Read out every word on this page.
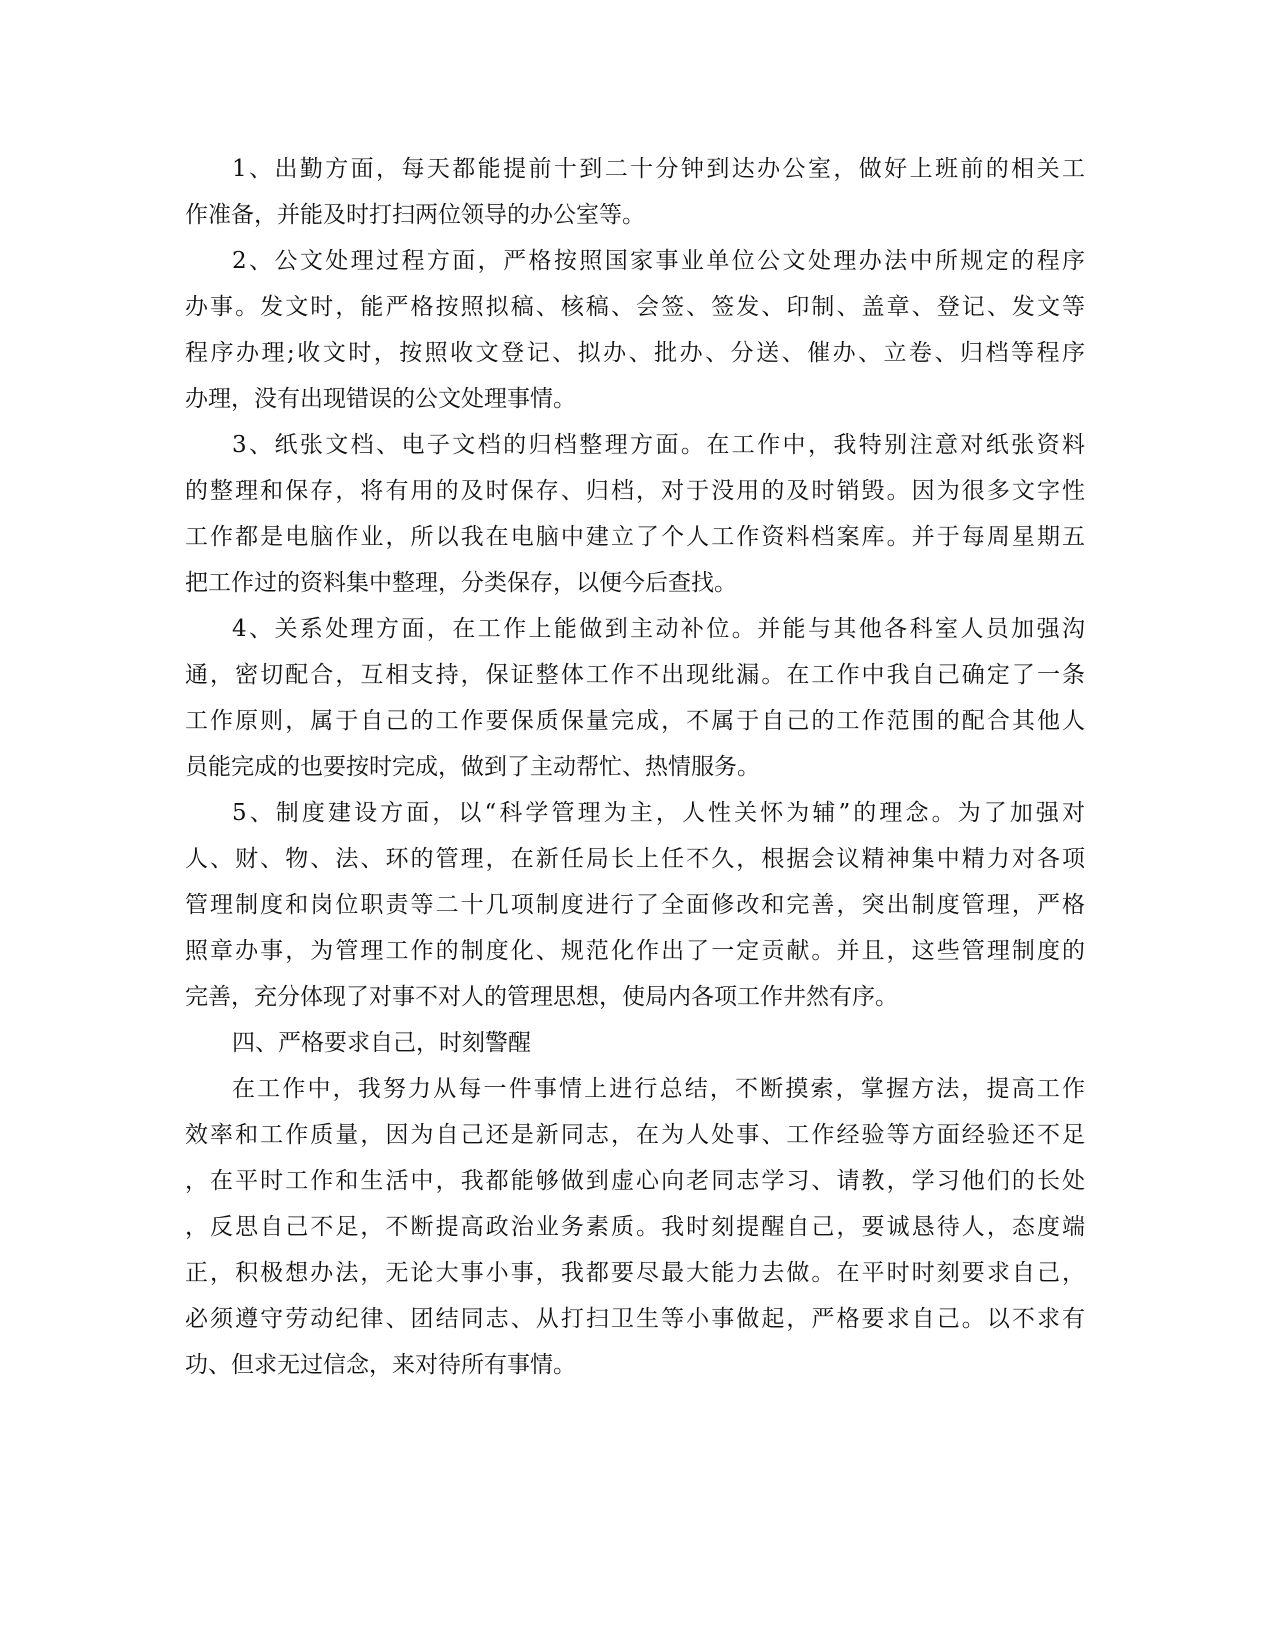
1、出勤方面，每天都能提前十到二十分钟到达办公室，做好上班前的相关工
作准备，并能及时打扫两位领导的办公室等。
2、公文处理过程方面，严格按照国家事业单位公文处理办法中所规定的程序
办事。发文时，能严格按照拟稿、核稿、会签、签发、印制、盖章、登记、发文等
程序办理;收文时，按照收文登记、拟办、批办、分送、催办、立卷、归档等程序
办理，没有出现错误的公文处理事情。
3、纸张文档、电子文档的归档整理方面。在工作中，我特别注意对纸张资料
的整理和保存，将有用的及时保存、归档，对于没用的及时销毁。因为很多文字性
工作都是电脑作业，所以我在电脑中建立了个人工作资料档案库。并于每周星期五
把工作过的资料集中整理，分类保存，以便今后查找。
4、关系处理方面，在工作上能做到主动补位。并能与其他各科室人员加强沟
通，密切配合，互相支持，保证整体工作不出现纰漏。在工作中我自己确定了一条
工作原则，属于自己的工作要保质保量完成，不属于自己的工作范围的配合其他人
员能完成的也要按时完成，做到了主动帮忙、热情服务。
5、制度建设方面，以“科学管理为主，人性关怀为辅”的理念。为了加强对
人、财、物、法、环的管理，在新任局长上任不久，根据会议精神集中精力对各项
管理制度和岗位职责等二十几项制度进行了全面修改和完善，突出制度管理，严格
照章办事，为管理工作的制度化、规范化作出了一定贡献。并且，这些管理制度的
完善，充分体现了对事不对人的管理思想，使局内各项工作井然有序。
四、严格要求自己，时刻警醒
在工作中，我努力从每一件事情上进行总结，不断摸索，掌握方法，提高工作
效率和工作质量，因为自己还是新同志，在为人处事、工作经验等方面经验还不足
，在平时工作和生活中，我都能够做到虚心向老同志学习、请教，学习他们的长处
，反思自己不足，不断提高政治业务素质。我时刻提醒自己，要诚恳待人，态度端
正，积极想办法，无论大事小事，我都要尽最大能力去做。在平时时刻要求自己，
必须遵守劳动纪律、团结同志、从打扫卫生等小事做起，严格要求自己。以不求有
功、但求无过信念，来对待所有事情。
